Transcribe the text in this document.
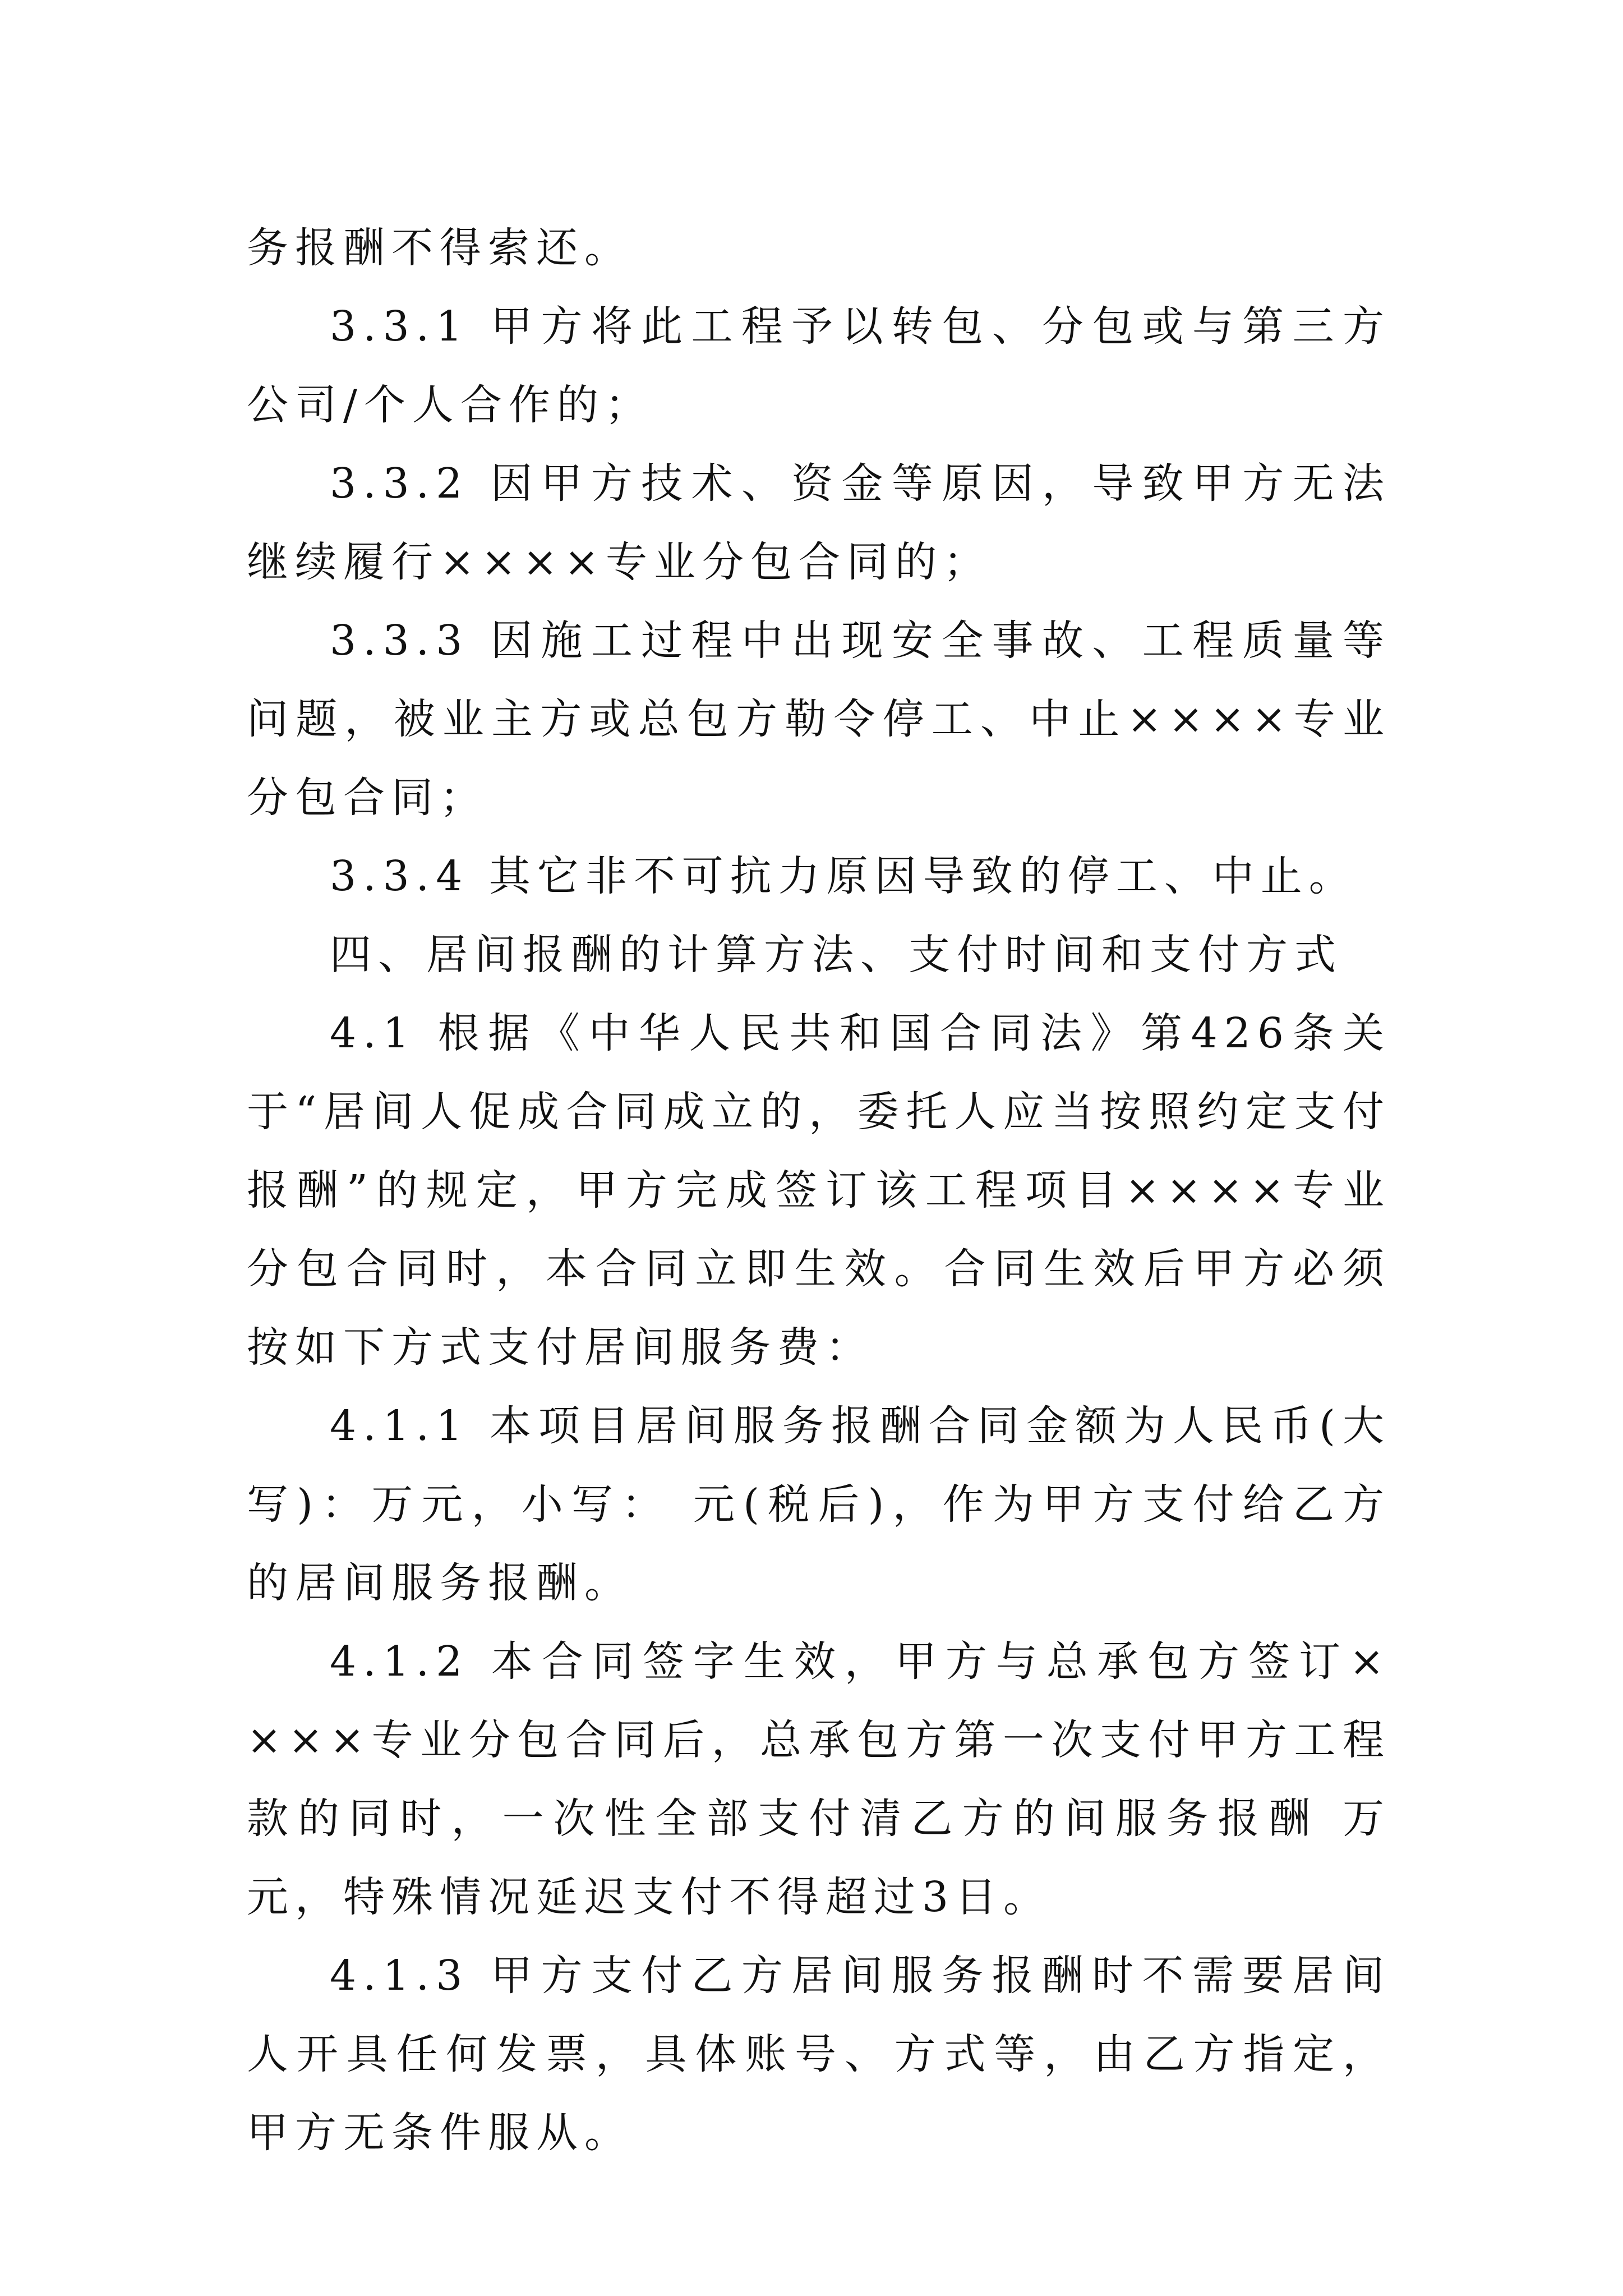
务报酬不得索还。

3.3.1 甲方将此工程予以转包、分包或与第三方公司/个人合作的；

3.3.2 因甲方技术、资金等原因，导致甲方无法继续履行××××专业分包合同的；

3.3.3 因施工过程中出现安全事故、工程质量等问题，被业主方或总包方勒令停工、中止××××专业分包合同；

3.3.4 其它非不可抗力原因导致的停工、中止。

四、居间报酬的计算方法、支付时间和支付方式

4.1 根据《中华人民共和国合同法》第426条关于“居间人促成合同成立的，委托人应当按照约定支付报酬”的规定，甲方完成签订该工程项目××××专业分包合同时，本合同立即生效。合同生效后甲方必须按如下方式支付居间服务费：

4.1.1 本项目居间服务报酬合同金额为人民币(大写)：万元，小写： 元(税后)，作为甲方支付给乙方的居间服务报酬。

4.1.2 本合同签字生效，甲方与总承包方签订××××专业分包合同后，总承包方第一次支付甲方工程款的同时，一次性全部支付清乙方的间服务报酬 万元，特殊情况延迟支付不得超过3日。

4.1.3 甲方支付乙方居间服务报酬时不需要居间人开具任何发票，具体账号、方式等，由乙方指定，甲方无条件服从。
